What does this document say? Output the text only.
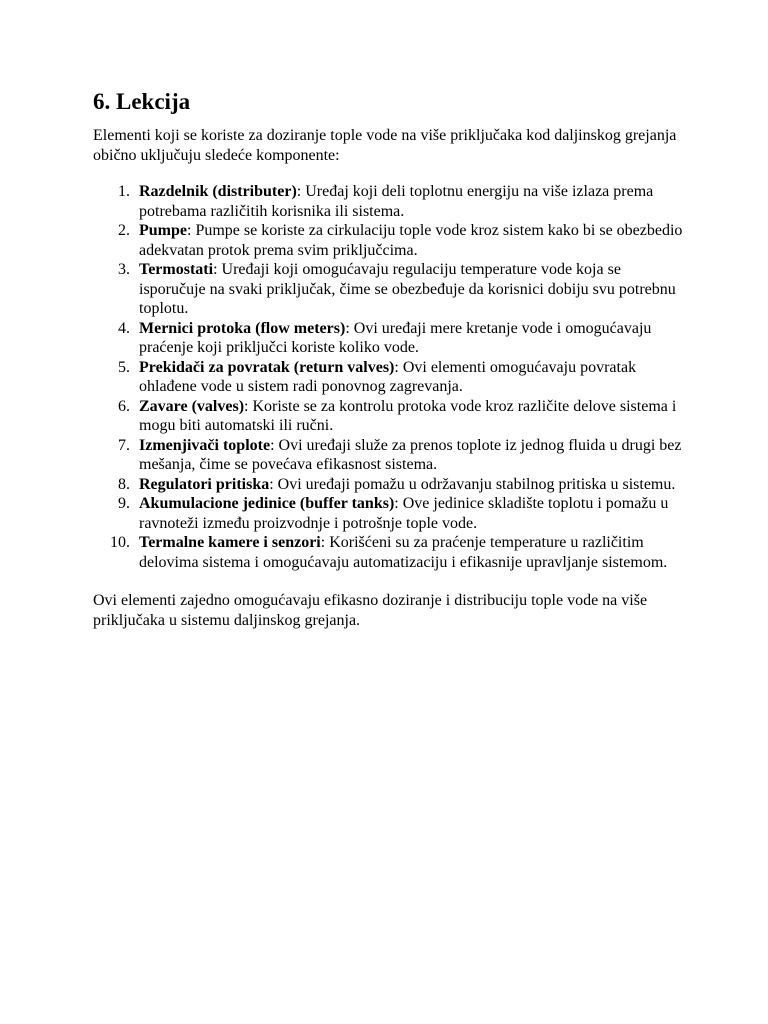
6. Lekcija

Elementi koji se koriste za doziranje tople vode na više priključaka kod daljinskog grejanja obično uključuju sledeće komponente:

1. Razdelnik (distributer): Uređaj koji deli toplotnu energiju na više izlaza prema potrebama različitih korisnika ili sistema.
2. Pumpe: Pumpe se koriste za cirkulaciju tople vode kroz sistem kako bi se obezbedio adekvatan protok prema svim priključcima.
3. Termostati: Uređaji koji omogućavaju regulaciju temperature vode koja se isporučuje na svaki priključak, čime se obezbeđuje da korisnici dobiju svu potrebnu toplotu.
4. Mernici protoka (flow meters): Ovi uređaji mere kretanje vode i omogućavaju praćenje koji priključci koriste koliko vode.
5. Prekidači za povratak (return valves): Ovi elementi omogućavaju povratak ohlađene vode u sistem radi ponovnog zagrevanja.
6. Zavare (valves): Koriste se za kontrolu protoka vode kroz različite delove sistema i mogu biti automatski ili ručni.
7. Izmenjivači toplote: Ovi uređaji služe za prenos toplote iz jednog fluida u drugi bez mešanja, čime se povećava efikasnost sistema.
8. Regulatori pritiska: Ovi uređaji pomažu u održavanju stabilnog pritiska u sistemu.
9. Akumulacione jedinice (buffer tanks): Ove jedinice skladište toplotu i pomažu u ravnoteži između proizvodnje i potrošnje tople vode.
10. Termalne kamere i senzori: Korišćeni su za praćenje temperature u različitim delovima sistema i omogućavaju automatizaciju i efikasnije upravljanje sistemom.

Ovi elementi zajedno omogućavaju efikasno doziranje i distribuciju tople vode na više priključaka u sistemu daljinskog grejanja.
